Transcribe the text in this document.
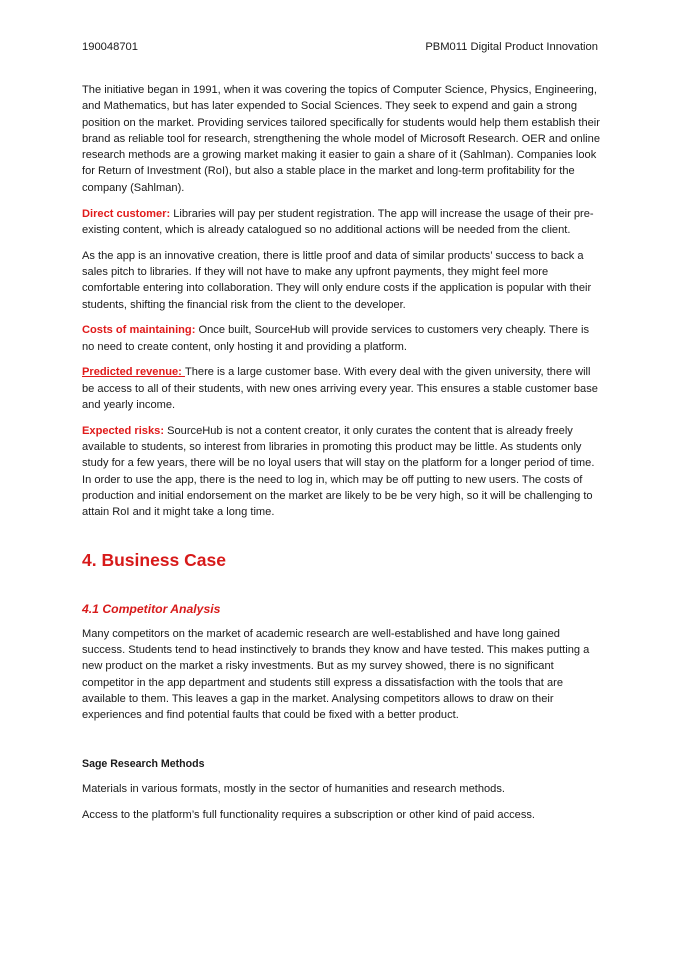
190048701	PBM011 Digital Product Innovation

The initiative began in 1991, when it was covering the topics of Computer Science, Physics, Engineering, and Mathematics, but has later expended to Social Sciences. They seek to expend and gain a strong position on the market. Providing services tailored specifically for students would help them establish their brand as reliable tool for research, strengthening the whole model of Microsoft Research. OER and online research methods are a growing market making it easier to gain a share of it (Sahlman). Companies look for Return of Investment (RoI), but also a stable place in the market and long-term profitability for the company (Sahlman).

Direct customer: Libraries will pay per student registration. The app will increase the usage of their pre-existing content, which is already catalogued so no additional actions will be needed from the client.

As the app is an innovative creation, there is little proof and data of similar products’ success to back a sales pitch to libraries. If they will not have to make any upfront payments, they might feel more comfortable entering into collaboration. They will only endure costs if the application is popular with their students, shifting the financial risk from the client to the developer.

Costs of maintaining: Once built, SourceHub will provide services to customers very cheaply. There is no need to create content, only hosting it and providing a platform.

Predicted revenue: There is a large customer base. With every deal with the given university, there will be access to all of their students, with new ones arriving every year. This ensures a stable customer base and yearly income.

Expected risks: SourceHub is not a content creator, it only curates the content that is already freely available to students, so interest from libraries in promoting this product may be little. As students only study for a few years, there will be no loyal users that will stay on the platform for a longer period of time. In order to use the app, there is the need to log in, which may be off putting to new users. The costs of production and initial endorsement on the market are likely to be be very high, so it will be challenging to attain RoI and it might take a long time.

4. Business Case
4.1 Competitor Analysis

Many competitors on the market of academic research are well-established and have long gained success. Students tend to head instinctively to brands they know and have tested. This makes putting a new product on the market a risky investments. But as my survey showed, there is no significant competitor in the app department and students still express a dissatisfaction with the tools that are available to them. This leaves a gap in the market. Analysing competitors allows to draw on their experiences and find potential faults that could be fixed with a better product.

Sage Research Methods

Materials in various formats, mostly in the sector of humanities and research methods.

Access to the platform’s full functionality requires a subscription or other kind of paid access.
